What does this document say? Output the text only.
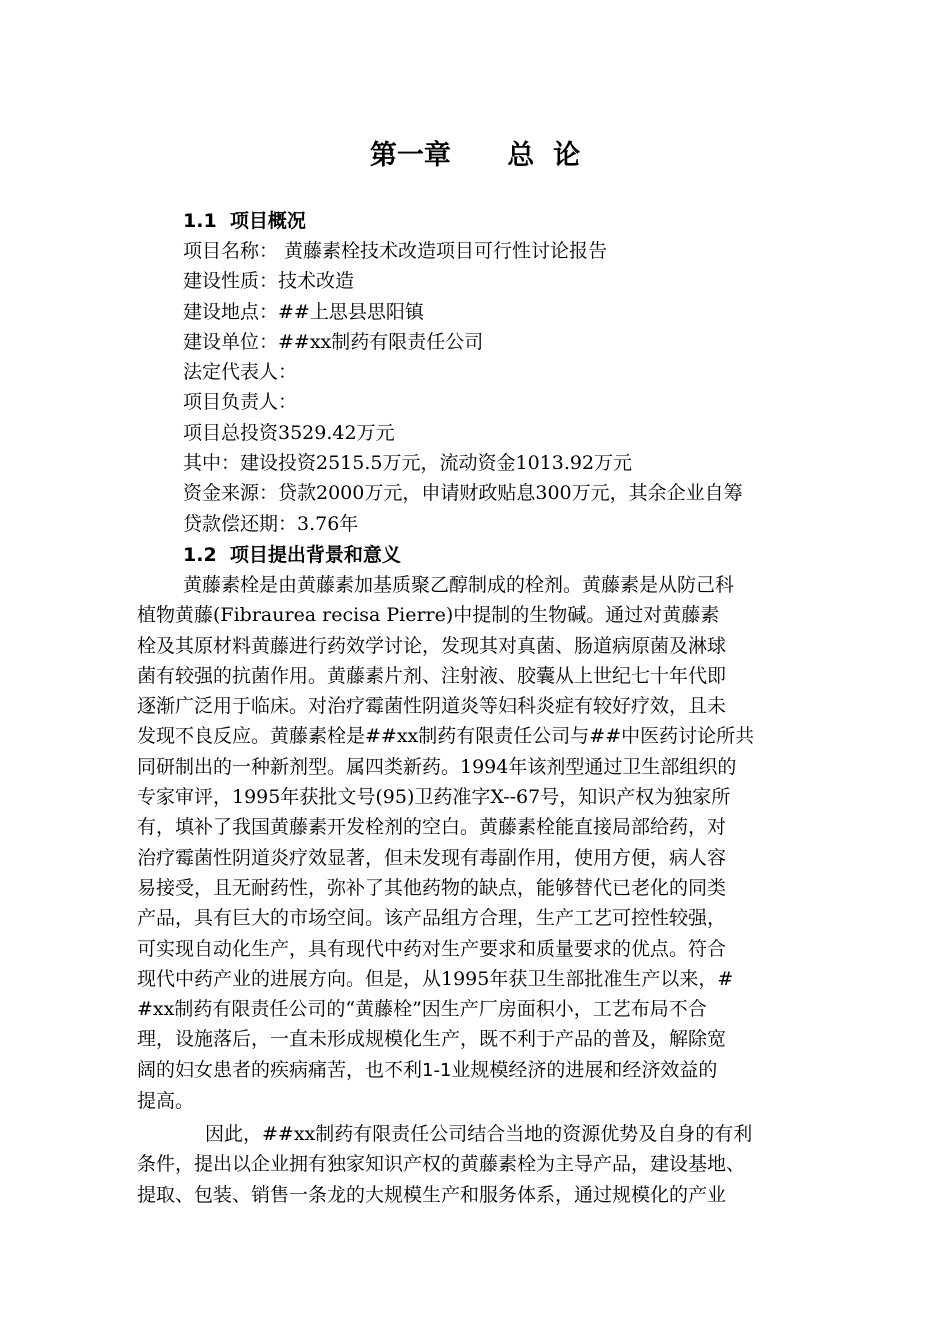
第一章      总  论
1.1  项目概况
项目名称： 黄藤素栓技术改造项目可行性讨论报告
建设性质：技术改造
建设地点：##上思县思阳镇
建设单位：##xx制药有限责任公司
法定代表人：
项目负责人：
项目总投资3529.42万元
其中：建设投资2515.5万元，流动资金1013.92万元
资金来源：贷款2000万元，申请财政贴息300万元，其余企业自筹
贷款偿还期：3.76年
1.2  项目提出背景和意义
黄藤素栓是由黄藤素加基质聚乙醇制成的栓剂。黄藤素是从防己科
植物黄藤(Fibraurea recisa Pierre)中提制的生物碱。通过对黄藤素
栓及其原材料黄藤进行药效学讨论，发现其对真菌、肠道病原菌及淋球
菌有较强的抗菌作用。黄藤素片剂、注射液、胶囊从上世纪七十年代即
逐渐广泛用于临床。对治疗霉菌性阴道炎等妇科炎症有较好疗效，且未
发现不良反应。黄藤素栓是##xx制药有限责任公司与##中医药讨论所共
同研制出的一种新剂型。属四类新药。1994年该剂型通过卫生部组织的
专家审评，1995年获批文号(95)卫药准字X--67号，知识产权为独家所
有，填补了我国黄藤素开发栓剂的空白。黄藤素栓能直接局部给药，对
治疗霉菌性阴道炎疗效显著，但未发现有毒副作用，使用方便，病人容
易接受，且无耐药性，弥补了其他药物的缺点，能够替代已老化的同类
产品，具有巨大的市场空间。该产品组方合理，生产工艺可控性较强，
可实现自动化生产，具有现代中药对生产要求和质量要求的优点。符合
现代中药产业的进展方向。但是，从1995年获卫生部批准生产以来，#
#xx制药有限责任公司的“黄藤栓”因生产厂房面积小，工艺布局不合
理，设施落后，一直未形成规模化生产，既不利于产品的普及，解除宽
阔的妇女患者的疾病痛苦，也不利1-1业规模经济的进展和经济效益的
提高。
因此，##xx制药有限责任公司结合当地的资源优势及自身的有利
条件，提出以企业拥有独家知识产权的黄藤素栓为主导产品，建设基地、
提取、包装、销售一条龙的大规模生产和服务体系，通过规模化的产业
